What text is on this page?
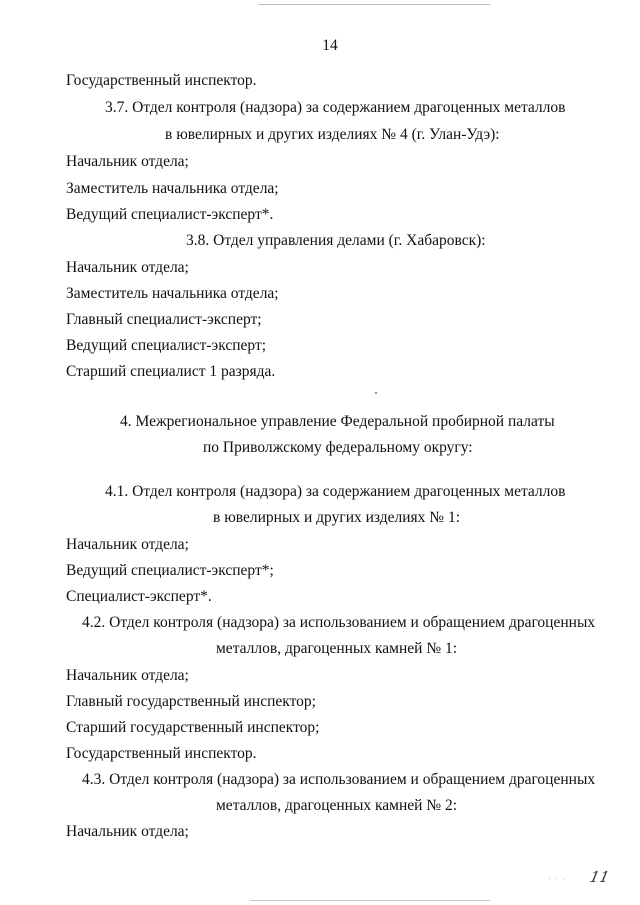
14
Государственный инспектор.
3.7. Отдел контроля (надзора) за содержанием драгоценных металлов
в ювелирных и других изделиях № 4 (г. Улан-Удэ):
Начальник отдела;
Заместитель начальника отдела;
Ведущий специалист-эксперт*.
3.8. Отдел управления делами (г. Хабаровск):
Начальник отдела;
Заместитель начальника отдела;
Главный специалист-эксперт;
Ведущий специалист-эксперт;
Старший специалист 1 разряда.
4. Межрегиональное управление Федеральной пробирной палаты
по Приволжскому федеральному округу:
4.1. Отдел контроля (надзора) за содержанием драгоценных металлов
в ювелирных и других изделиях № 1:
Начальник отдела;
Ведущий специалист-эксперт*;
Специалист-эксперт*.
4.2. Отдел контроля (надзора) за использованием и обращением драгоценных
металлов, драгоценных камней № 1:
Начальник отдела;
Главный государственный инспектор;
Старший государственный инспектор;
Государственный инспектор.
4.3. Отдел контроля (надзора) за использованием и обращением драгоценных
металлов, драгоценных камней № 2:
Начальник отдела;
· · · 11
